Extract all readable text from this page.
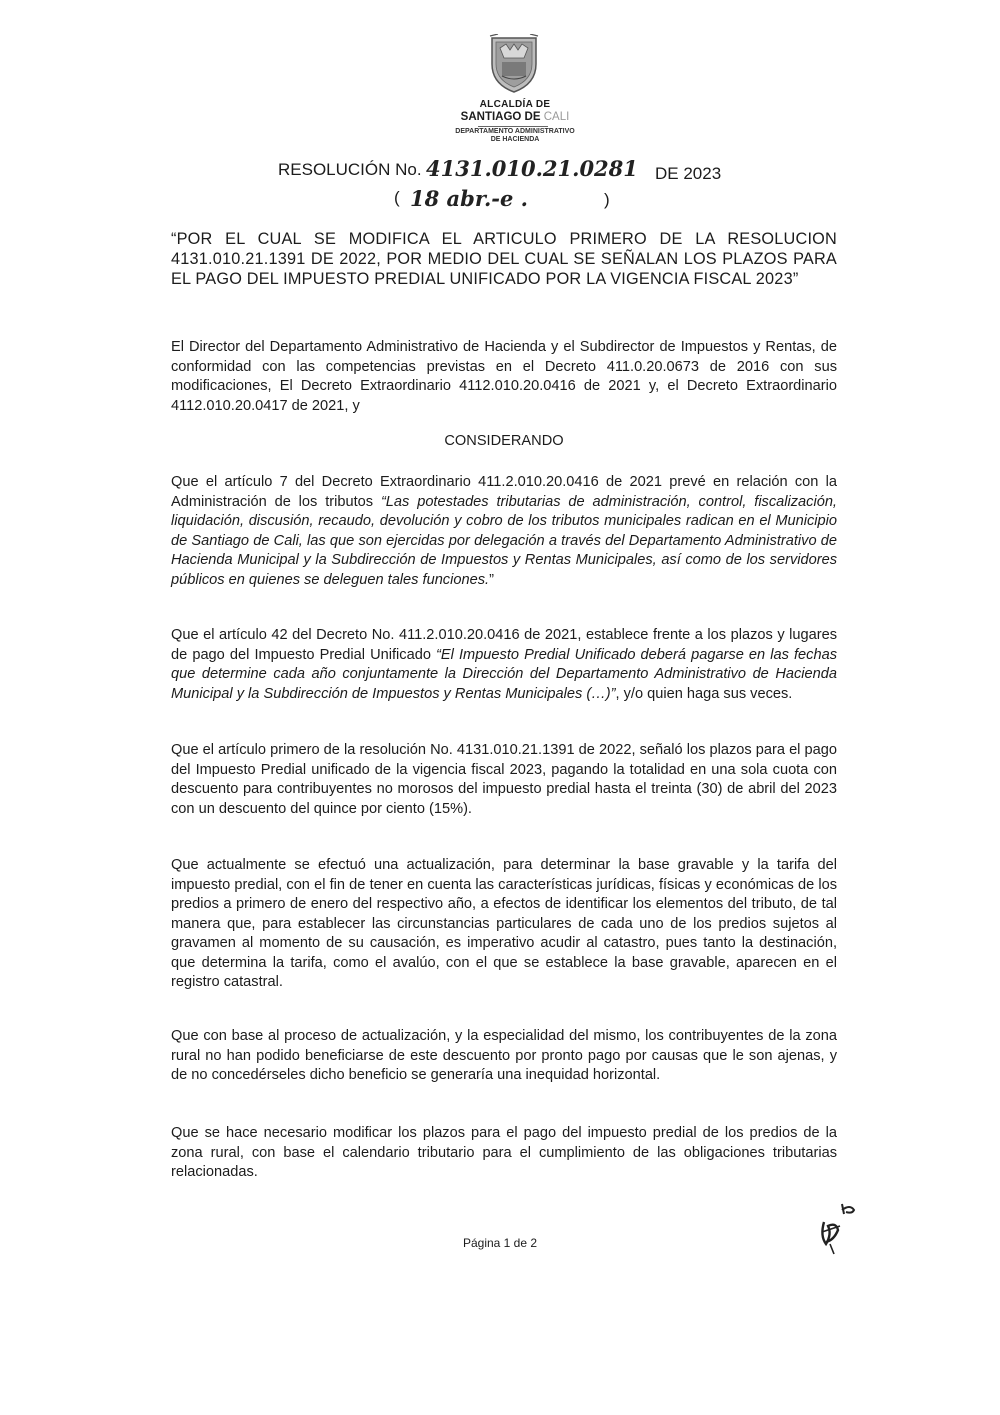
ALCALDÍA DE
SANTIAGO DE CALI
DEPARTAMENTO ADMINISTRATIVO
DE HACIENDA
RESOLUCIÓN No. 4131.010.21.0281 DE 2023
( 18 abr.-e .	)
“POR EL CUAL SE MODIFICA EL ARTICULO PRIMERO DE LA RESOLUCION 4131.010.21.1391 DE 2022, POR MEDIO DEL CUAL SE SEÑALAN LOS PLAZOS PARA EL PAGO DEL IMPUESTO PREDIAL UNIFICADO POR LA VIGENCIA FISCAL 2023”
El Director del Departamento Administrativo de Hacienda y el Subdirector de Impuestos y Rentas, de conformidad con las competencias previstas en el Decreto 411.0.20.0673 de 2016 con sus modificaciones, El Decreto Extraordinario 4112.010.20.0416 de 2021 y, el Decreto Extraordinario 4112.010.20.0417 de 2021, y
CONSIDERANDO
Que el artículo 7 del Decreto Extraordinario 411.2.010.20.0416 de 2021 prevé en relación con la Administración de los tributos “Las potestades tributarias de administración, control, fiscalización, liquidación, discusión, recaudo, devolución y cobro de los tributos municipales radican en el Municipio de Santiago de Cali, las que son ejercidas por delegación a través del Departamento Administrativo de Hacienda Municipal y la Subdirección de Impuestos y Rentas Municipales, así como de los servidores públicos en quienes se deleguen tales funciones.”
Que el artículo 42 del Decreto No. 411.2.010.20.0416 de 2021, establece frente a los plazos y lugares de pago del Impuesto Predial Unificado “El Impuesto Predial Unificado deberá pagarse en las fechas que determine cada año conjuntamente la Dirección del Departamento Administrativo de Hacienda Municipal y la Subdirección de Impuestos y Rentas Municipales (…)”, y/o quien haga sus veces.
Que el artículo primero de la resolución No. 4131.010.21.1391 de 2022, señaló los plazos para el pago del Impuesto Predial unificado de la vigencia fiscal 2023, pagando la totalidad en una sola cuota con descuento para contribuyentes no morosos del impuesto predial hasta el treinta (30) de abril del 2023 con un descuento del quince por ciento (15%).
Que actualmente se efectuó una actualización, para determinar la base gravable y la tarifa del impuesto predial, con el fin de tener en cuenta las características jurídicas, físicas y económicas de los predios a primero de enero del respectivo año, a efectos de identificar los elementos del tributo, de tal manera que, para establecer las circunstancias particulares de cada uno de los predios sujetos al gravamen al momento de su causación, es imperativo acudir al catastro, pues tanto la destinación, que determina la tarifa, como el avalúo, con el que se establece la base gravable, aparecen en el registro catastral.
Que con base al proceso de actualización, y la especialidad del mismo, los contribuyentes de la zona rural no han podido beneficiarse de este descuento por pronto pago por causas que le son ajenas, y de no concedérseles dicho beneficio se generaría una inequidad horizontal.
Que se hace necesario modificar los plazos para el pago del impuesto predial de los predios de la zona rural, con base el calendario tributario para el cumplimiento de las obligaciones tributarias relacionadas.
Página 1 de 2
